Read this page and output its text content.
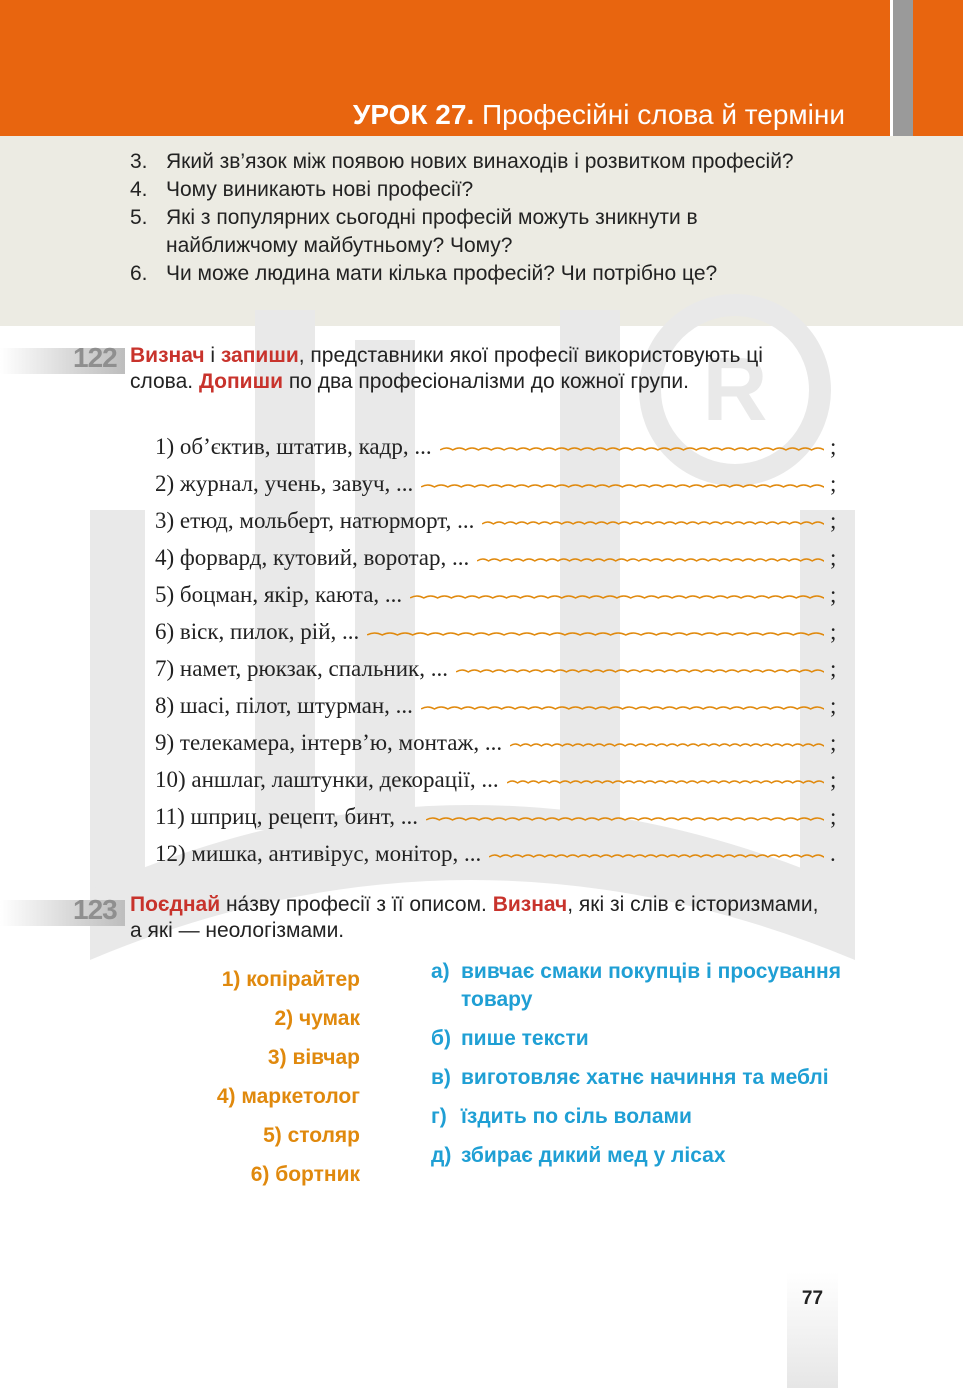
УРОК 27. Професійні слова й терміни
R
3. Який зв’язок між появою нових винаходів і розвитком професій?
4. Чому виникають нові професії?
5. Які з популярних сьогодні професій можуть зникнути в найближчому майбутньому? Чому?
6. Чи може людина мати кілька професій? Чи потрібно це?
122 Визнач і запиши, представники якої професії використовують ці слова. Допиши по два професіоналізми до кожної групи.
1) об’єктив, штатив, кадр, ...	;
2) журнал, учень, завуч, ...	;
3) етюд, мольберт, натюрморт, ...	;
4) форвард, кутовий, воротар, ...	;
5) боцман, якір, каюта, ...	;
6) віск, пилок, рій, ...	;
7) намет, рюкзак, спальник, ...	;
8) шасі, пілот, штурман, ...	;
9) телекамера, інтерв’ю, монтаж, ...	;
10) аншлаг, лаштунки, декорації, ...	;
11) шприц, рецепт, бинт, ...	;
12) мишка, антивірус, монітор, ...	.
123 Поєднай на́зву професії з її описом. Визнач, які зі слів є історизмами, а які — неологізмами.
1) копірайтер
2) чумак
3) вівчар
4) маркетолог
5) столяр
6) бортник
а) вивчає смаки покупців і просування товару
б) пише тексти
в) виготовляє хатнє начиння та меблі
г) їздить по сіль волами
д) збирає дикий мед у лісах
77
